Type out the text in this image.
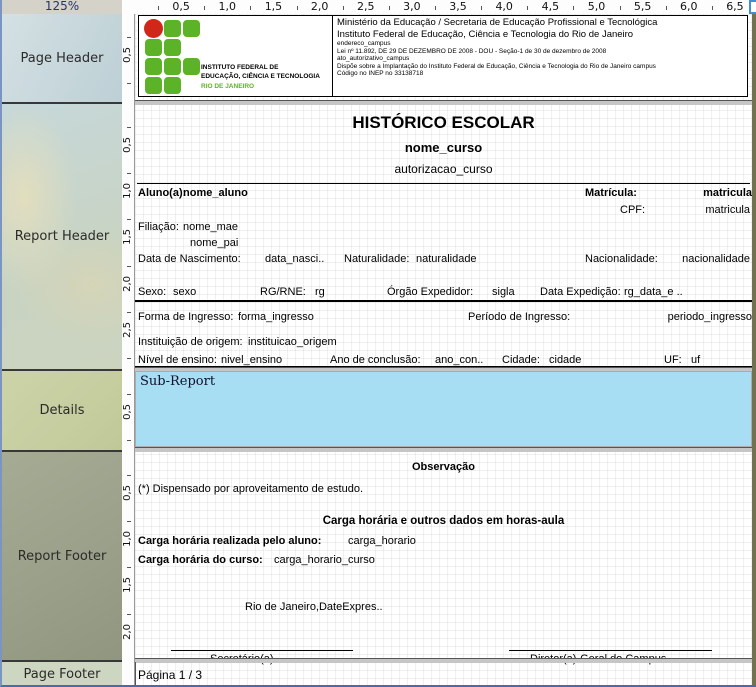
125%	0,5	1,0	1,5	2,0	2,5	3,0	3,5	4,0	4,5	5,0	5,5	6,0	6,5
Page Header
Report Header
Details
Report Footer
Page Footer
0,5
0,5
1,0
1,5
2,0
2,5
0,5
0,5
1,0
1,5
2,0
INSTITUTO FEDERAL DE
EDUCAÇÃO, CIÊNCIA E TECNOLOGIA
RIO DE JANEIRO
Ministério da Educação / Secretaria de Educação Profissional e Tecnológica
Instituto Federal de Educação, Ciência e Tecnologia do Rio de Janeiro
endereco_campus
Lei nº 11.892, DE 29 DE DEZEMBRO DE 2008 - DOU - Seção-1 de 30 de dezembro de 2008
ato_autorizativo_campus
Dispõe sobre a Implantação do Instituto Federal de Educação, Ciência e Tecnologia do Rio de Janeiro campus
Código no INEP no 33138718
HISTÓRICO ESCOLAR
nome_curso
autorizacao_curso
Aluno(a):
nome_aluno	Matrícula:	matricula
CPF:	matricula
Filiação: nome_mae
nome_pai
Data de Nascimento: data_nasci.. Naturalidade: naturalidade	Nacionalidade: nacionalidade
Sexo: sexo	RG/RNE: rg	Órgão Expedidor: sigla Data Expedição: rg_data_e ..
Forma de Ingresso: forma_ingresso	Período de Ingresso:	periodo_ingresso
Instituição de origem: instituicao_origem
Nível de ensino: nivel_ensino	Ano de conclusão: ano_con.. Cidade: cidade	UF: uf
Sub-Report
Observação
(*) Dispensado por aproveitamento de estudo.
Carga horária e outros dados em horas-aula
Carga horária realizada pelo aluno: carga_horario
Carga horária do curso: carga_horario_curso
Rio de Janeiro,DateExpres..
Página 1 / 3
